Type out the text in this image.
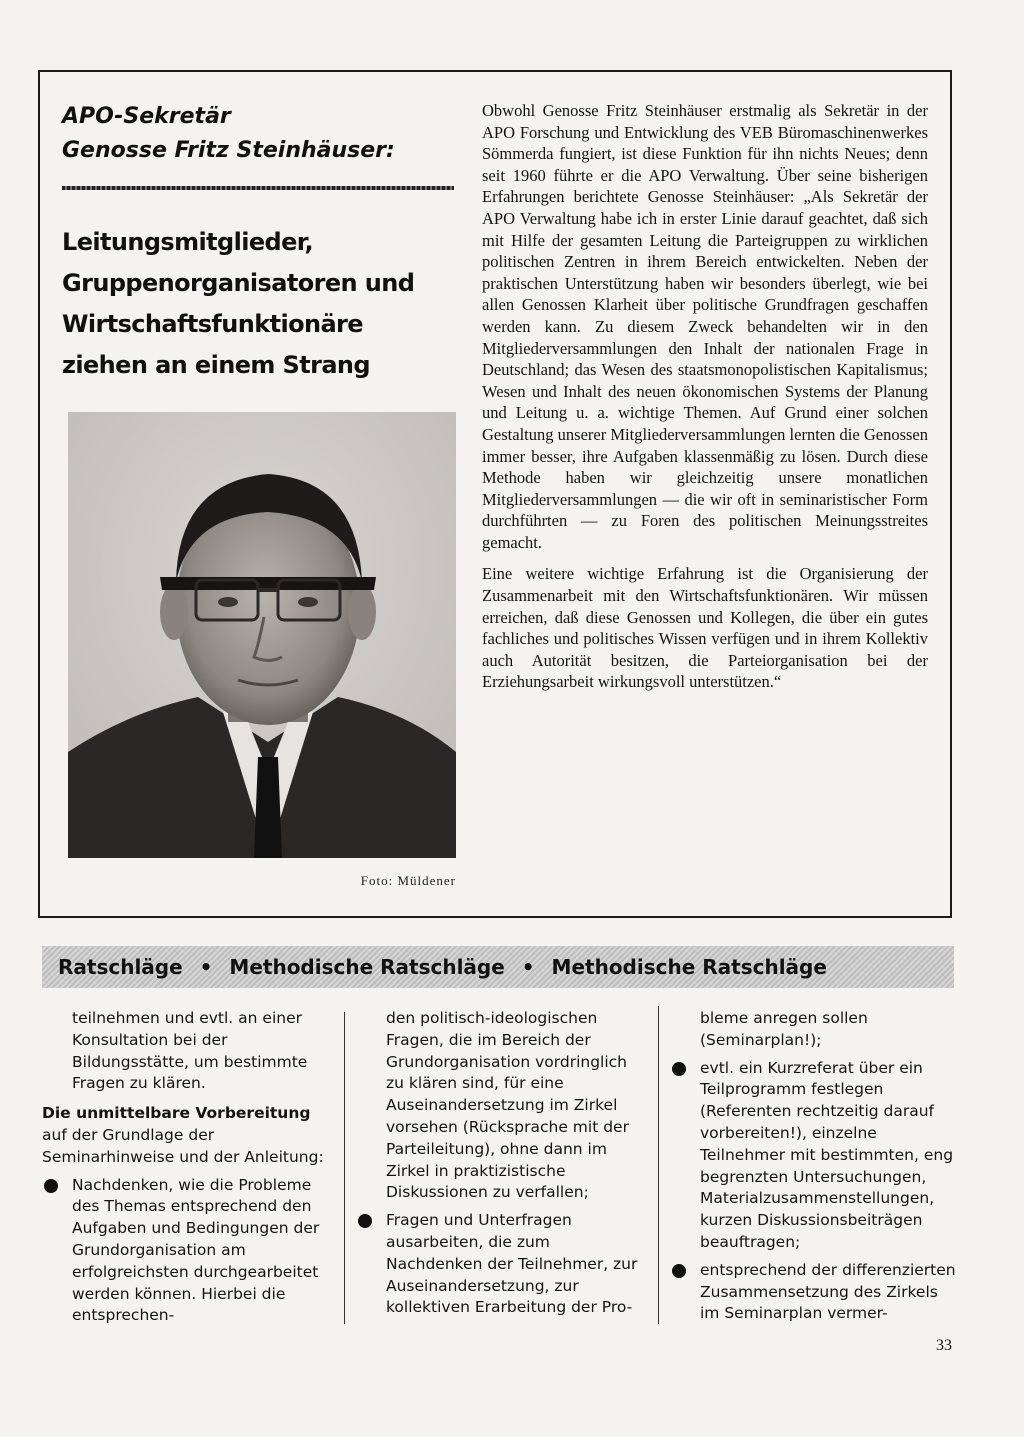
APO-Sekretär
Genosse Fritz Steinhäuser:
Leitungsmitglieder,
Gruppenorganisatoren und
Wirtschaftsfunktionäre
ziehen an einem Strang
Foto: Müldener

Obwohl Genosse Fritz Steinhäuser erstmalig als Sekretär in der APO Forschung und Entwicklung des VEB Büromaschinenwerkes Sömmerda fungiert, ist diese Funktion für ihn nichts Neues; denn seit 1960 führte er die APO Verwaltung. Über seine bisherigen Erfahrungen berichtete Genosse Steinhäuser: „Als Sekretär der APO Verwaltung habe ich in erster Linie darauf geachtet, daß sich mit Hilfe der gesamten Leitung die Parteigruppen zu wirklichen politischen Zentren in ihrem Bereich entwickelten. Neben der praktischen Unterstützung haben wir besonders überlegt, wie bei allen Genossen Klarheit über politische Grundfragen geschaffen werden kann. Zu diesem Zweck behandelten wir in den Mitgliederversammlungen den Inhalt der nationalen Frage in Deutschland; das Wesen des staatsmonopolistischen Kapitalismus; Wesen und Inhalt des neuen ökonomischen Systems der Planung und Leitung u. a. wichtige Themen. Auf Grund einer solchen Gestaltung unserer Mitgliederversammlungen lernten die Genossen immer besser, ihre Aufgaben klassenmäßig zu lösen. Durch diese Methode haben wir gleichzeitig unsere monatlichen Mitgliederversammlungen — die wir oft in seminaristischer Form durchführten — zu Foren des politischen Meinungsstreites gemacht.

Eine weitere wichtige Erfahrung ist die Organisierung der Zusammenarbeit mit den Wirtschaftsfunktionären. Wir müssen erreichen, daß diese Genossen und Kollegen, die über ein gutes fachliches und politisches Wissen verfügen und in ihrem Kollektiv auch Autorität besitzen, die Parteiorganisation bei der Erziehungsarbeit wirkungsvoll unterstützen.“

Ratschläge • Methodische Ratschläge • Methodische Ratschläge

teilnehmen und evtl. an einer Konsultation bei der Bildungsstätte, um bestimmte Fragen zu klären.

Die unmittelbare Vorbereitung

auf der Grundlage der Seminarhinweise und der Anleitung:

Nachdenken, wie die Probleme des Themas entsprechend den Aufgaben und Bedingungen der Grundorganisation am erfolgreichsten durchgearbeitet werden können. Hierbei die entsprechen-

den politisch-ideologischen Fragen, die im Bereich der Grundorganisation vordringlich zu klären sind, für eine Auseinandersetzung im Zirkel vorsehen (Rücksprache mit der Parteileitung), ohne dann im Zirkel in praktizistische Diskussionen zu verfallen;

Fragen und Unterfragen ausarbeiten, die zum Nachdenken der Teilnehmer, zur Auseinandersetzung, zur kollektiven Erarbeitung der Pro-

bleme anregen sollen (Seminarplan!);

evtl. ein Kurzreferat über ein Teilprogramm festlegen (Referenten rechtzeitig darauf vorbereiten!), einzelne Teilnehmer mit bestimmten, eng begrenzten Untersuchungen, Materialzusammenstellungen, kurzen Diskussionsbeiträgen beauftragen;

entsprechend der differenzierten Zusammensetzung des Zirkels im Seminarplan vermer-

33
